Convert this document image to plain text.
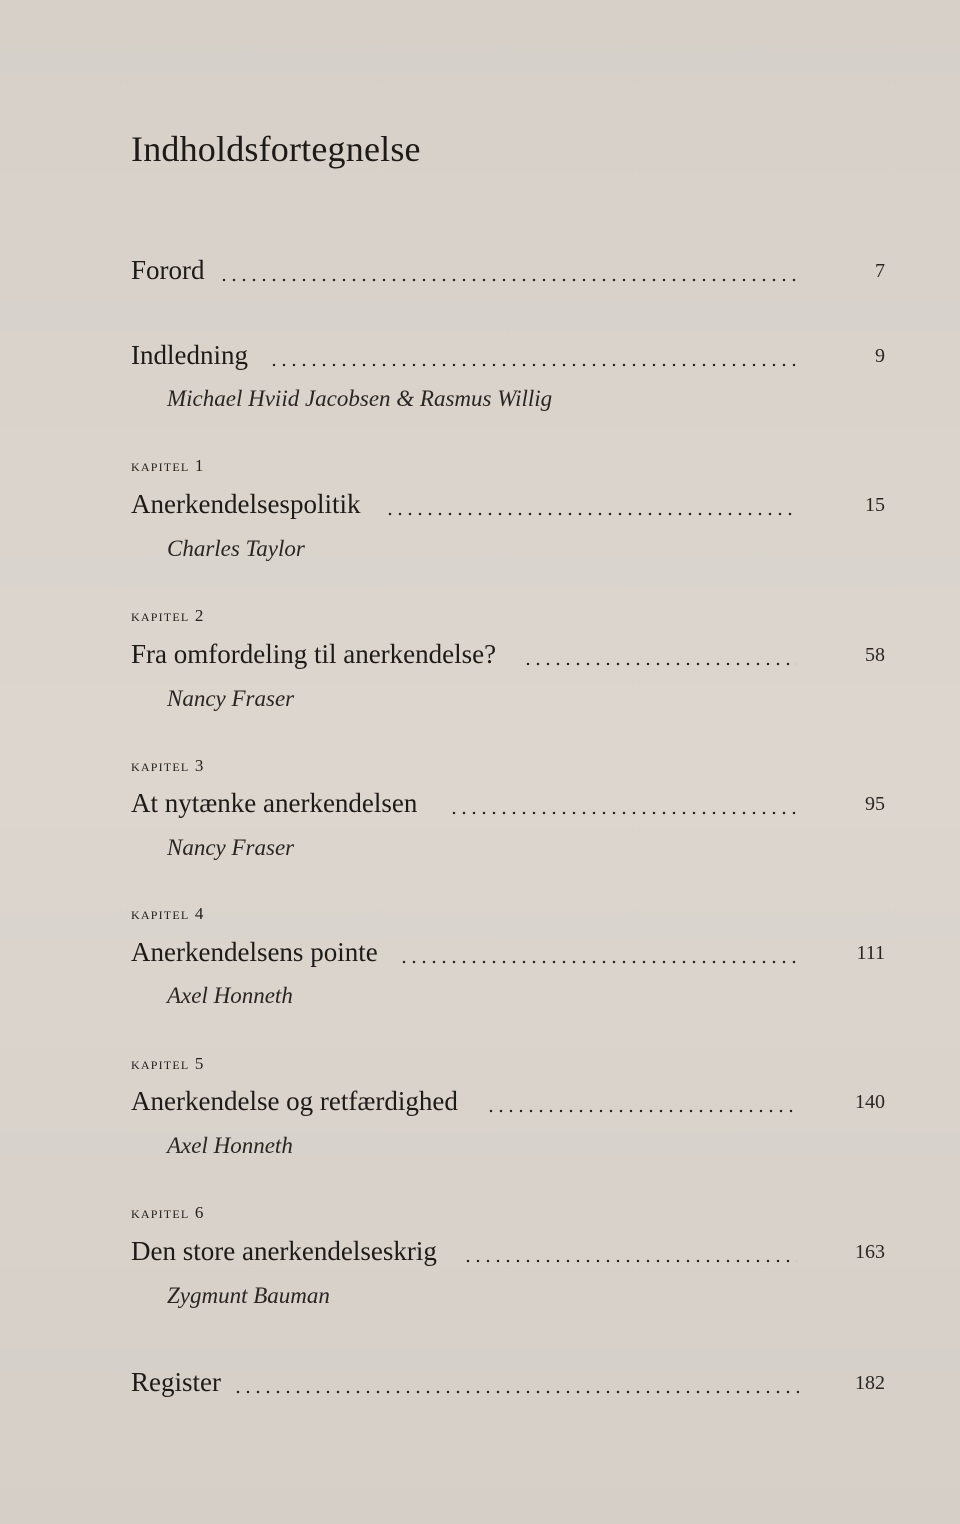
Indholdsfortegnelse
Forord	7
Indledning	9
Michael Hviid Jacobsen & Rasmus Willig
kapitel 1
Anerkendelsespolitik	15
Charles Taylor
kapitel 2
Fra omfordeling til anerkendelse?	58
Nancy Fraser
kapitel 3
At nytænke anerkendelsen	95
Nancy Fraser
kapitel 4
Anerkendelsens pointe	111
Axel Honneth
kapitel 5
Anerkendelse og retfærdighed	140
Axel Honneth
kapitel 6
Den store anerkendelseskrig	163
Zygmunt Bauman
Register	182
